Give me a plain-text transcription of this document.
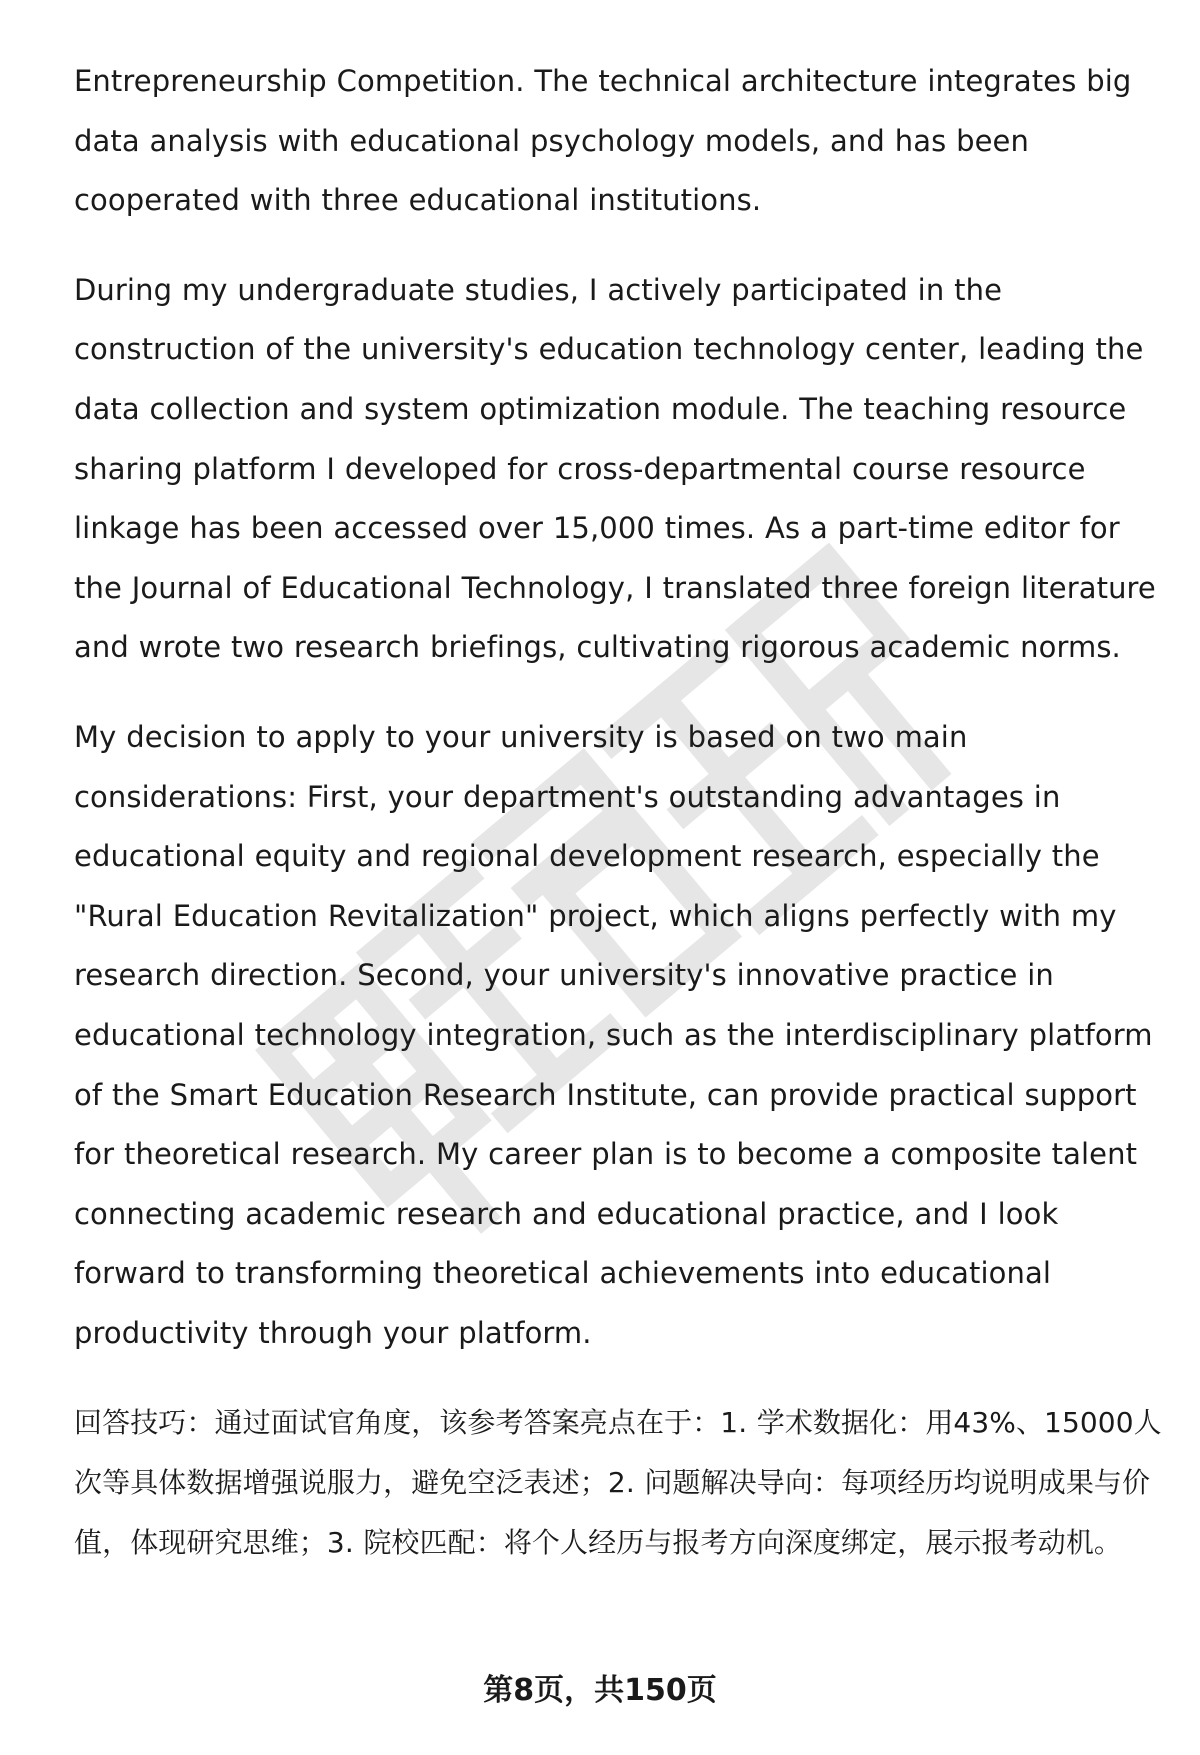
Entrepreneurship Competition. The technical architecture integrates big data analysis with educational psychology models, and has been cooperated with three educational institutions.

During my undergraduate studies, I actively participated in the construction of the university's education technology center, leading the data collection and system optimization module. The teaching resource sharing platform I developed for cross-departmental course resource linkage has been accessed over 15,000 times. As a part-time editor for the Journal of Educational Technology, I translated three foreign literature and wrote two research briefings, cultivating rigorous academic norms.

My decision to apply to your university is based on two main considerations: First, your department's outstanding advantages in educational equity and regional development research, especially the "Rural Education Revitalization" project, which aligns perfectly with my research direction. Second, your university's innovative practice in educational technology integration, such as the interdisciplinary platform of the Smart Education Research Institute, can provide practical support for theoretical research. My career plan is to become a composite talent connecting academic research and educational practice, and I look forward to transforming theoretical achievements into educational productivity through your platform.

回答技巧：通过面试官角度，该参考答案亮点在于：1. 学术数据化：用43%、15000人次等具体数据增强说服力，避免空泛表述；2. 问题解决导向：每项经历均说明成果与价值，体现研究思维；3. 院校匹配：将个人经历与报考方向深度绑定，展示报考动机。

第8页，共150页
